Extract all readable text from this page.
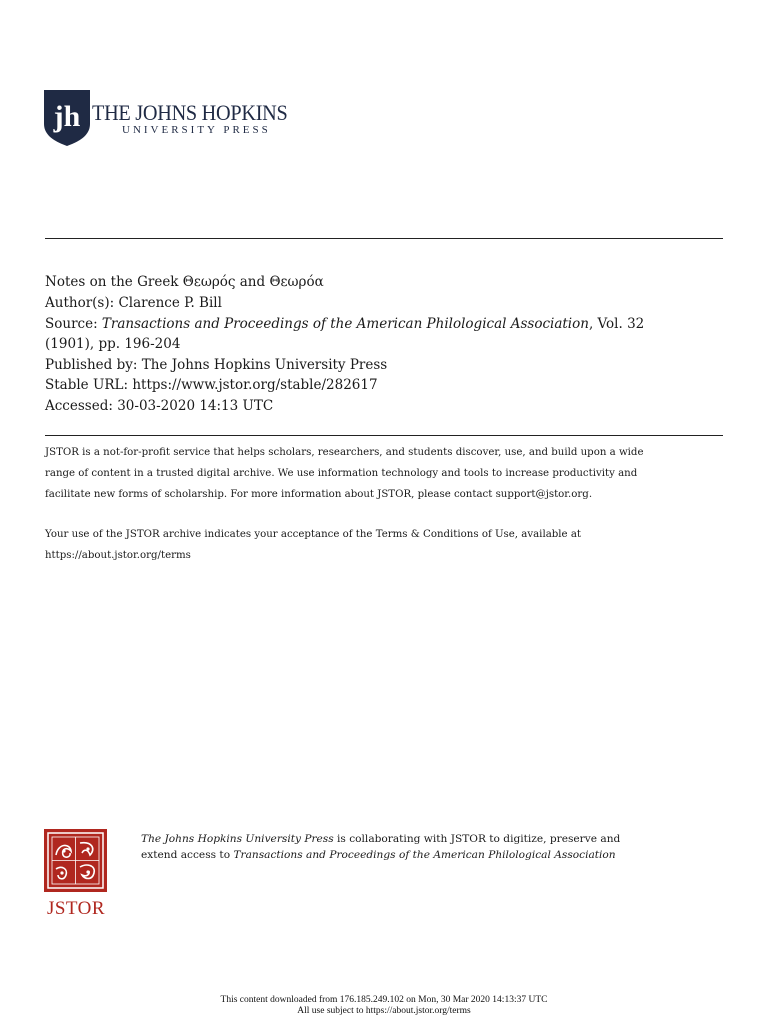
jh THE JOHNS HOPKINS
UNIVERSITY PRESS
Notes on the Greek Θεωρός and Θεωρόα
Author(s): Clarence P. Bill
Source: Transactions and Proceedings of the American Philological Association, Vol. 32
(1901), pp. 196-204
Published by: The Johns Hopkins University Press
Stable URL: https://www.jstor.org/stable/282617
Accessed: 30-03-2020 14:13 UTC
JSTOR is a not-for-profit service that helps scholars, researchers, and students discover, use, and build upon a wide
range of content in a trusted digital archive. We use information technology and tools to increase productivity and
facilitate new forms of scholarship. For more information about JSTOR, please contact support@jstor.org.
Your use of the JSTOR archive indicates your acceptance of the Terms & Conditions of Use, available at
https://about.jstor.org/terms
JSTOR
The Johns Hopkins University Press is collaborating with JSTOR to digitize, preserve and
extend access to Transactions and Proceedings of the American Philological Association
This content downloaded from 176.185.249.102 on Mon, 30 Mar 2020 14:13:37 UTC
All use subject to https://about.jstor.org/terms
